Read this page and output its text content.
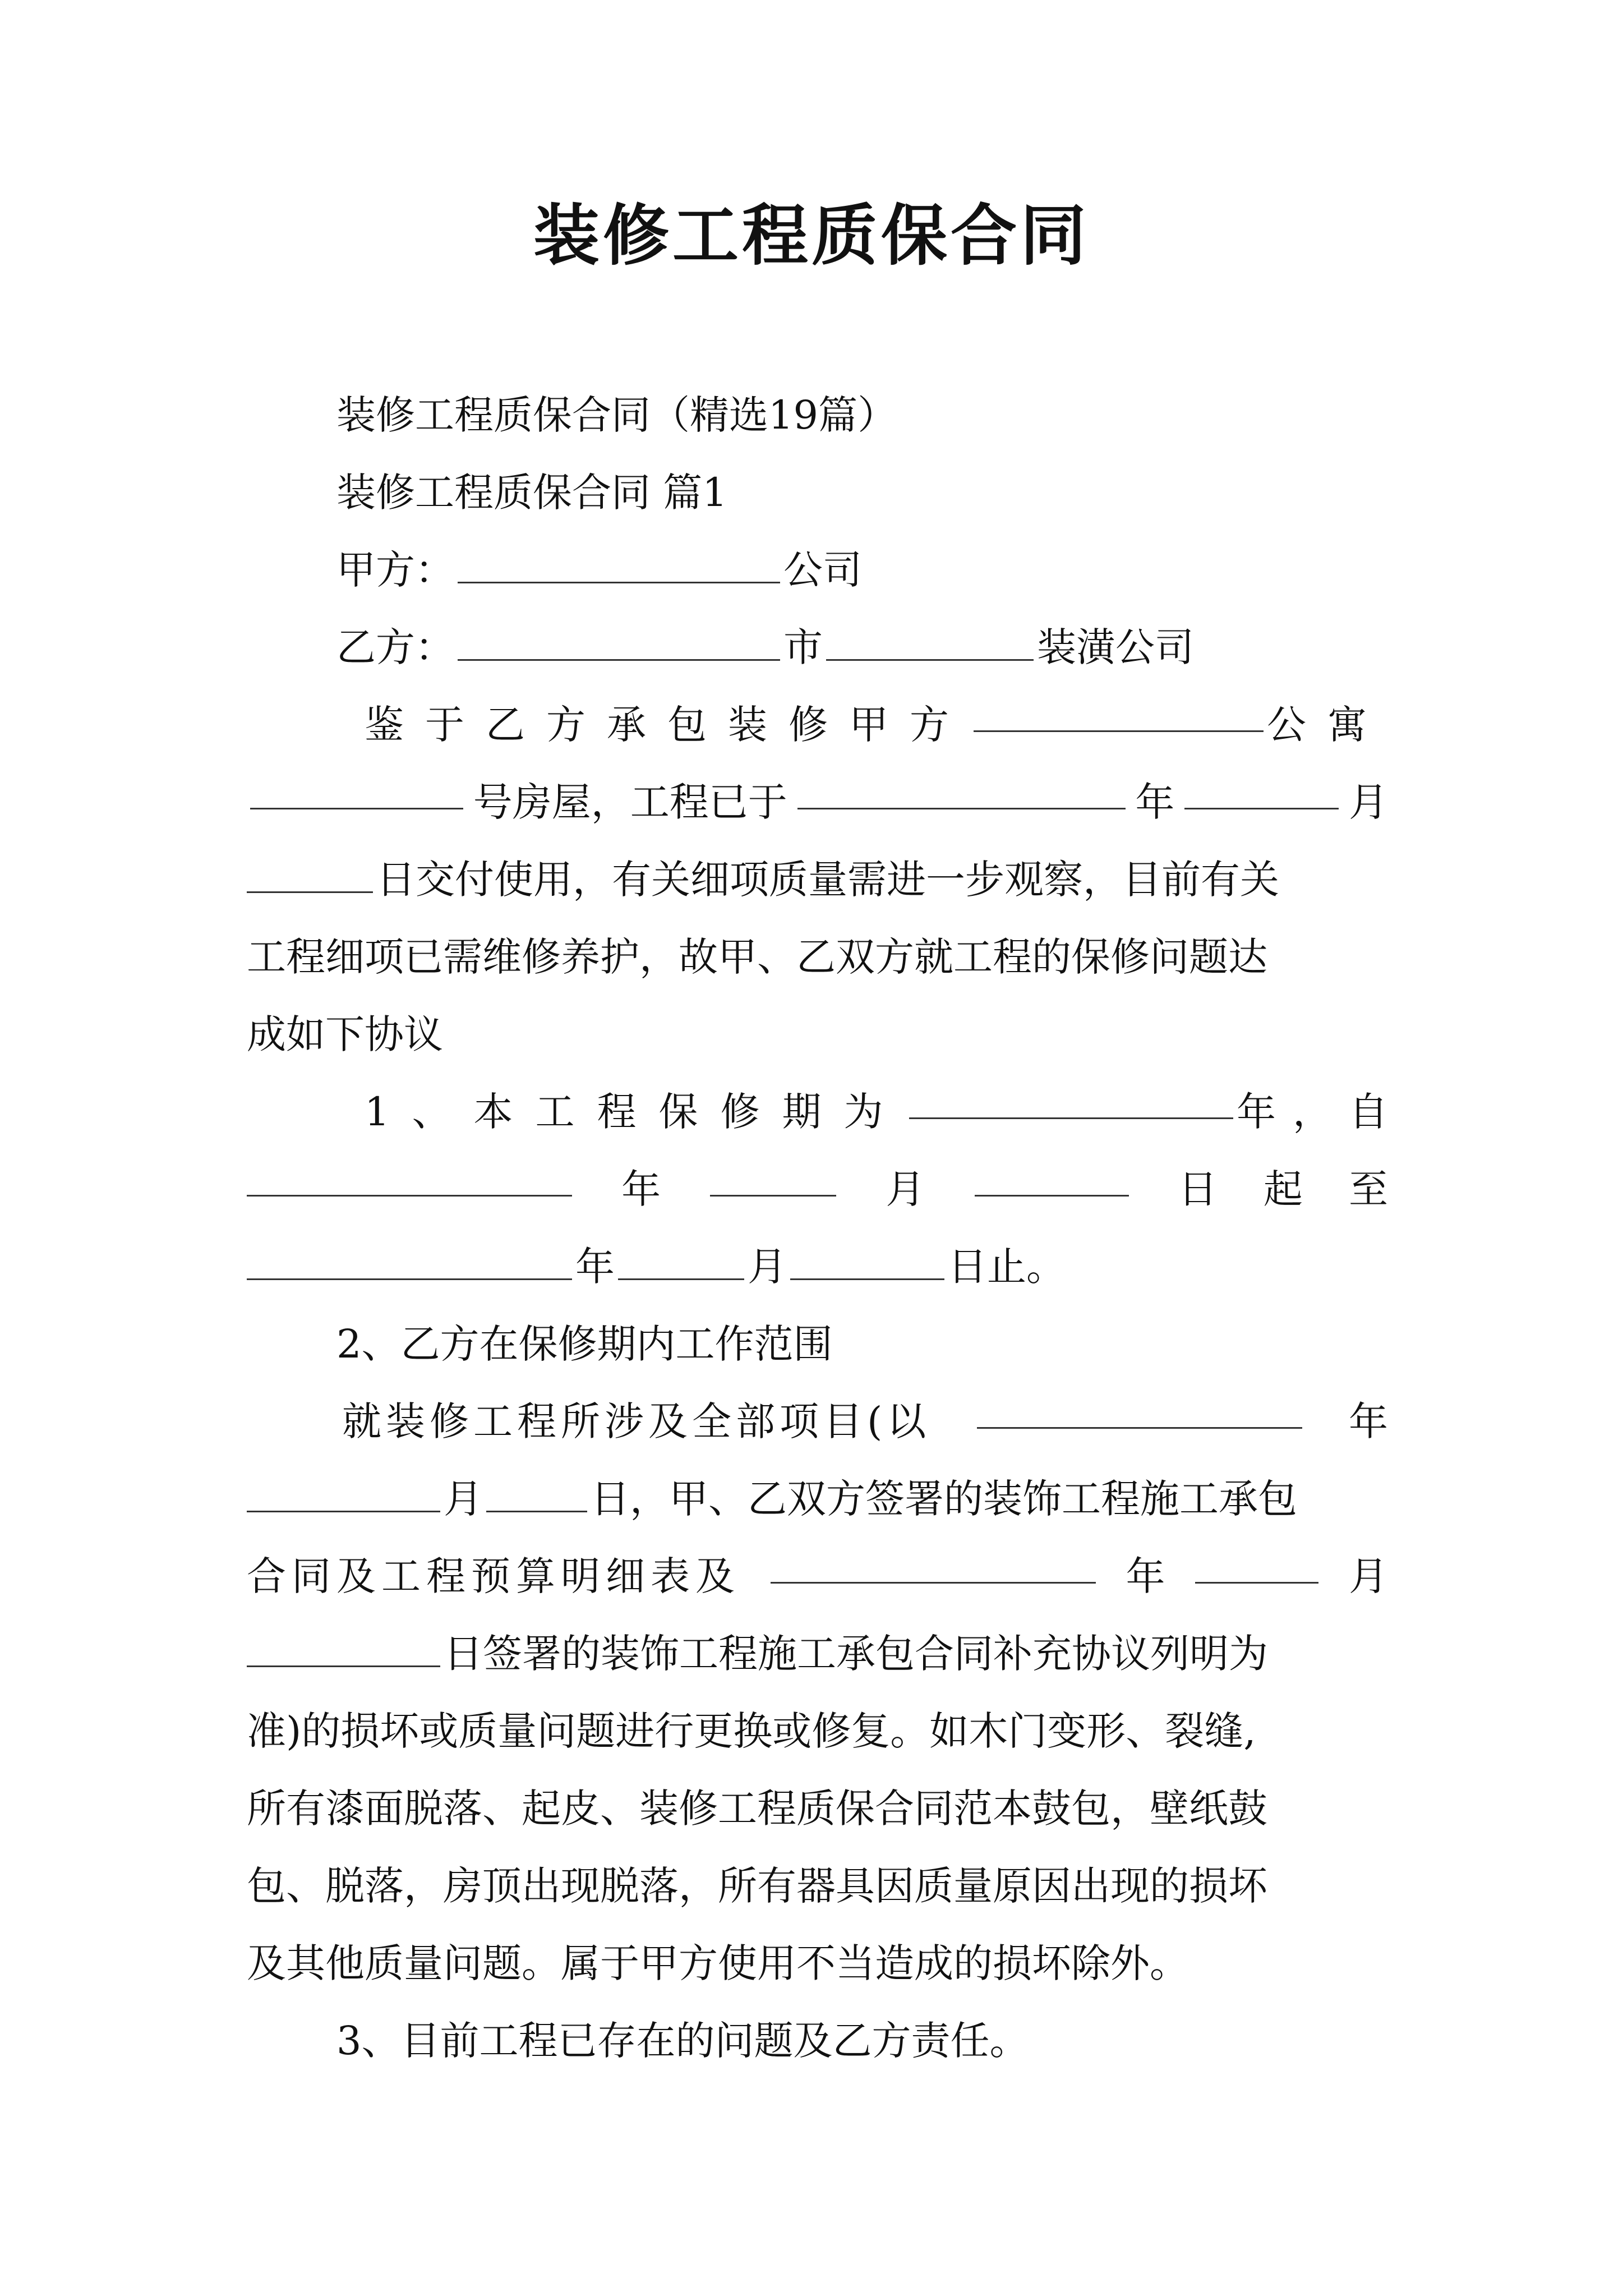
装修工程质保合同
装修工程质保合同（精选19篇）
装修工程质保合同 篇1
甲方：	公司
乙方：	市	装潢公司
鉴于乙方承包装修甲方	公寓
号房屋，工程已于	年	月
日交付使用，有关细项质量需进一步观察，目前有关
工程细项已需维修养护，故甲、乙双方就工程的保修问题达
成如下协议
1、本工程保修期为	年， 自
年	月	日 起 至
年	月	日止。
2、乙方在保修期内工作范围
就装修工程所涉及全部项目(以	年
月	日，甲、乙双方签署的装饰工程施工承包
合同及工程预算明细表及	年	月
日签署的装饰工程施工承包合同补充协议列明为
准)的损坏或质量问题进行更换或修复。如木门变形、裂缝,
所有漆面脱落、起皮、装修工程质保合同范本鼓包，壁纸鼓
包、脱落，房顶出现脱落，所有器具因质量原因出现的损坏
及其他质量问题。属于甲方使用不当造成的损坏除外。
3、目前工程已存在的问题及乙方责任。
